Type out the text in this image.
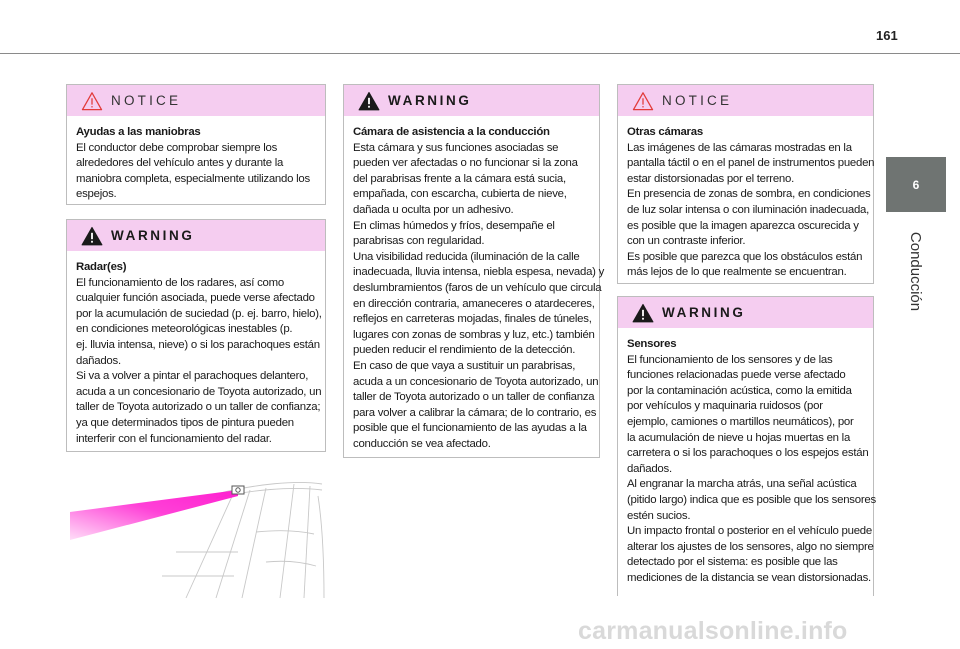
161
6
Conducción
NOTICE

Ayudas a las maniobras

El conductor debe comprobar siempre los

alrededores del vehículo antes y durante la

maniobra completa, especialmente utilizando los

espejos.

WARNING

Radar(es)

El funcionamiento de los radares, así como

cualquier función asociada, puede verse afectado

por la acumulación de suciedad (p. ej. barro, hielo),

en condiciones meteorológicas inestables (p.

ej. lluvia intensa, nieve) o si los parachoques están

dañados.

Si va a volver a pintar el parachoques delantero,

acuda a un concesionario de Toyota autorizado, un

taller de Toyota autorizado o un taller de confianza;

ya que determinados tipos de pintura pueden

interferir con el funcionamiento del radar.

WARNING

Cámara de asistencia a la conducción

Esta cámara y sus funciones asociadas se

pueden ver afectadas o no funcionar si la zona

del parabrisas frente a la cámara está sucia,

empañada, con escarcha, cubierta de nieve,

dañada u oculta por un adhesivo.

En climas húmedos y fríos, desempañe el

parabrisas con regularidad.

Una visibilidad reducida (iluminación de la calle

inadecuada, lluvia intensa, niebla espesa, nevada) y

deslumbramientos (faros de un vehículo que circula

en dirección contraria, amaneceres o atardeceres,

reflejos en carreteras mojadas, finales de túneles,

lugares con zonas de sombras y luz, etc.) también

pueden reducir el rendimiento de la detección.

En caso de que vaya a sustituir un parabrisas,

acuda a un concesionario de Toyota autorizado, un

taller de Toyota autorizado o un taller de confianza

para volver a calibrar la cámara; de lo contrario, es

posible que el funcionamiento de las ayudas a la

conducción se vea afectado.

NOTICE

Otras cámaras

Las imágenes de las cámaras mostradas en la

pantalla táctil o en el panel de instrumentos pueden

estar distorsionadas por el terreno.

En presencia de zonas de sombra, en condiciones

de luz solar intensa o con iluminación inadecuada,

es posible que la imagen aparezca oscurecida y

con un contraste inferior.

Es posible que parezca que los obstáculos están

más lejos de lo que realmente se encuentran.

WARNING

Sensores

El funcionamiento de los sensores y de las

funciones relacionadas puede verse afectado

por la contaminación acústica, como la emitida

por vehículos y maquinaria ruidosos (por

ejemplo, camiones o martillos neumáticos), por

la acumulación de nieve u hojas muertas en la

carretera o si los parachoques o los espejos están

dañados.

Al engranar la marcha atrás, una señal acústica

(pitido largo) indica que es posible que los sensores

estén sucios.

Un impacto frontal o posterior en el vehículo puede

alterar los ajustes de los sensores, algo no siempre

detectado por el sistema: es posible que las

mediciones de la distancia se vean distorsionadas.

carmanualsonline.info
